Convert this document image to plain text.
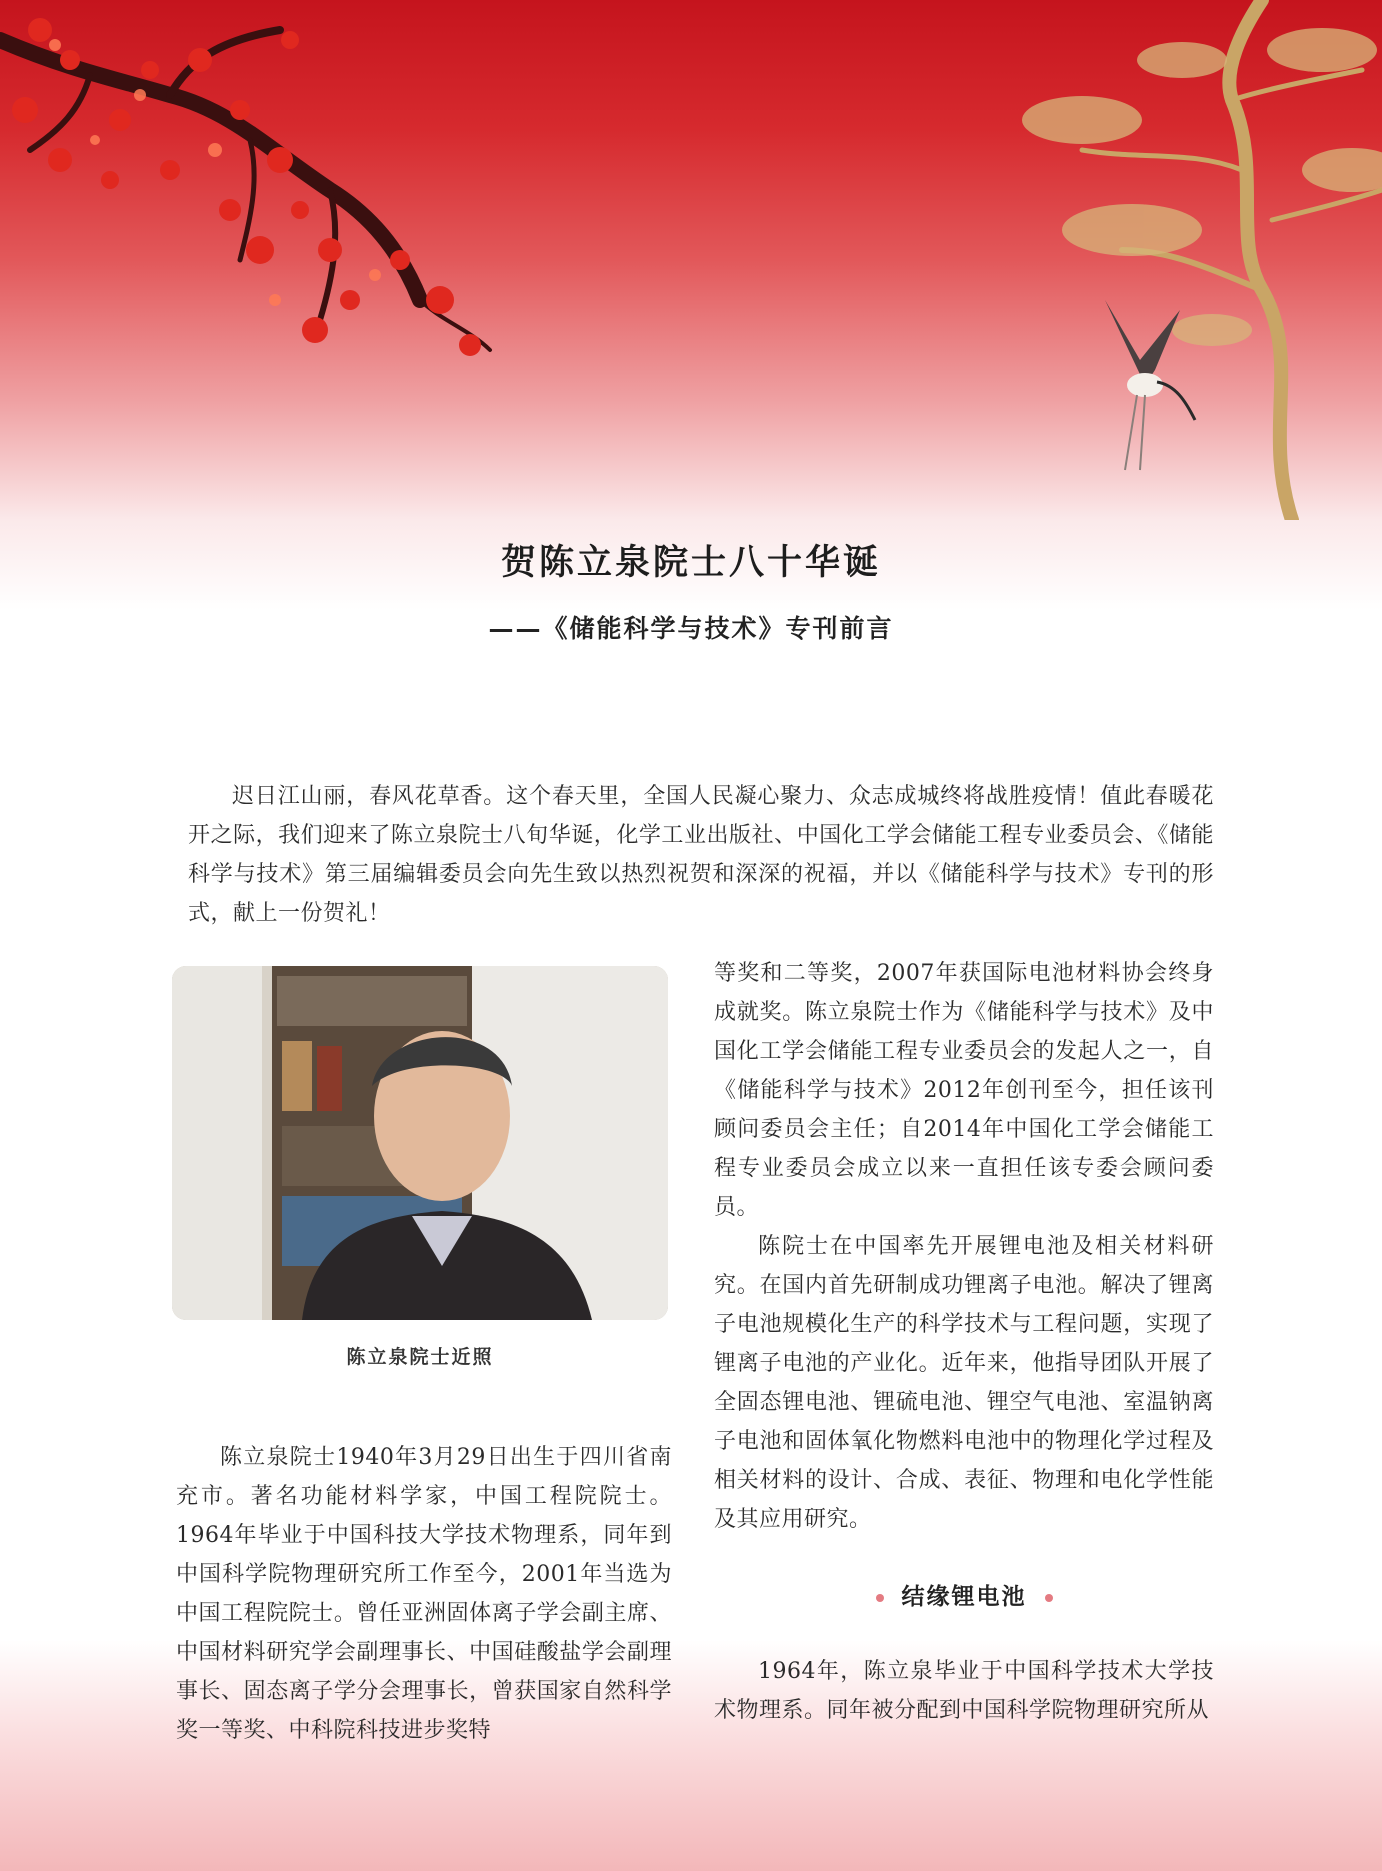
贺陈立泉院士八十华诞
——《储能科学与技术》专刊前言

迟日江山丽，春风花草香。这个春天里，全国人民凝心聚力、众志成城终将战胜疫情！值此春暖花开之际，我们迎来了陈立泉院士八旬华诞，化学工业出版社、中国化工学会储能工程专业委员会、《储能科学与技术》第三届编辑委员会向先生致以热烈祝贺和深深的祝福，并以《储能科学与技术》专刊的形式，献上一份贺礼！

陈立泉院士近照

陈立泉院士1940年3月29日出生于四川省南充市。著名功能材料学家，中国工程院院士。1964年毕业于中国科技大学技术物理系，同年到中国科学院物理研究所工作至今，2001年当选为中国工程院院士。曾任亚洲固体离子学会副主席、中国材料研究学会副理事长、中国硅酸盐学会副理事长、固态离子学分会理事长，曾获国家自然科学奖一等奖、中科院科技进步奖特

等奖和二等奖，2007年获国际电池材料协会终身成就奖。陈立泉院士作为《储能科学与技术》及中国化工学会储能工程专业委员会的发起人之一，自《储能科学与技术》2012年创刊至今，担任该刊顾问委员会主任；自2014年中国化工学会储能工程专业委员会成立以来一直担任该专委会顾问委员。

陈院士在中国率先开展锂电池及相关材料研究。在国内首先研制成功锂离子电池。解决了锂离子电池规模化生产的科学技术与工程问题，实现了锂离子电池的产业化。近年来，他指导团队开展了全固态锂电池、锂硫电池、锂空气电池、室温钠离子电池和固体氧化物燃料电池中的物理化学过程及相关材料的设计、合成、表征、物理和电化学性能及其应用研究。

结缘锂电池

1964年，陈立泉毕业于中国科学技术大学技术物理系。同年被分配到中国科学院物理研究所从
